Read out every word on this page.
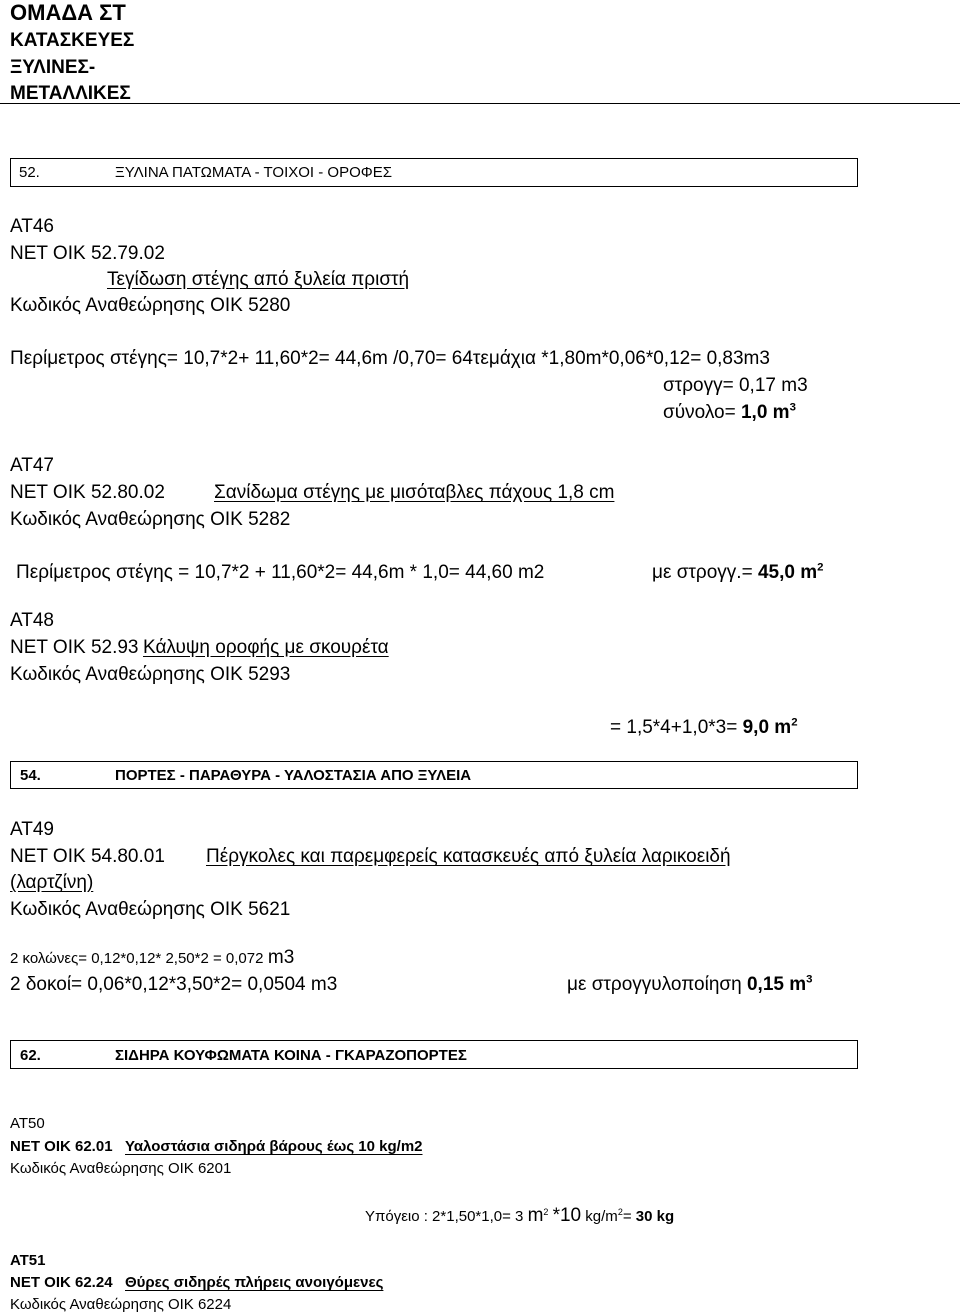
ΟΜΑΔΑ ΣΤ
ΚΑΤΑΣΚΕΥΕΣ
ΞΥΛΙΝΕΣ-
ΜΕΤΑΛΛΙΚΕΣ
52.	ΞΥΛΙΝΑ ΠΑΤΩΜΑΤΑ - ΤΟΙΧΟΙ - ΟΡΟΦΕΣ
ΑΤ46
ΝΕΤ ΟΙΚ 52.79.02
Τεγίδωση στέγης από ξυλεία πριστή
Κωδικός Αναθεώρησης ΟΙΚ 5280
Περίμετρος στέγης= 10,7*2+ 11,60*2= 44,6m /0,70= 64τεμάχια *1,80m*0,06*0,12= 0,83m3
στρογγ= 0,17 m3
σύνολο= 1,0 $m^3$
ΑΤ47
ΝΕΤ ΟΙΚ 52.80.02	Σανίδωμα στέγης με μισόταβλες πάχους 1,8 cm
Κωδικός Αναθεώρησης ΟΙΚ 5282
Περίμετρος στέγης = 10,7*2 + 11,60*2= 44,6m * 1,0= 44,60 m2	με στρογγ.= 45,0 $m^2$
ΑΤ48
ΝΕΤ ΟΙΚ 52.93 Κάλυψη οροφής με σκουρέτα
Κωδικός Αναθεώρησης ΟΙΚ 5293
= 1,5*4+1,0*3= 9,0 $m^2$
54.	ΠΟΡΤΕΣ - ΠΑΡΑΘΥΡΑ - ΥΑΛΟΣΤΑΣΙΑ ΑΠΟ ΞΥΛΕΙΑ
ΑΤ49
ΝΕΤ ΟΙΚ 54.80.01 Πέργκολες και παρεμφερείς κατασκευές από ξυλεία λαρικοειδή
(λαρτζίνη)
Κωδικός Αναθεώρησης ΟΙΚ 5621
2 κολώνες= 0,12*0,12* 2,50*2 = 0,072 m3
2 δοκοί= 0,06*0,12*3,50*2= 0,0504 m3	με στρογγυλοποίηση 0,15 $m^3$
62.	ΣΙΔΗΡΑ ΚΟΥΦΩΜΑΤΑ ΚΟΙΝΑ - ΓΚΑΡΑΖΟΠΟΡΤΕΣ
ΑΤ50
ΝΕΤ ΟΙΚ 62.01 Υαλοστάσια σιδηρά βάρους έως 10 kg/m2
Κωδικός Αναθεώρησης ΟΙΚ 6201
Υπόγειο : 2*1,50*1,0= 3 $m^2$ *10 $kg/m^2= 30$ kg
ΑΤ51
ΝΕΤ ΟΙΚ 62.24 Θύρες σιδηρές πλήρεις ανοιγόμενες
Κωδικός Αναθεώρησης ΟΙΚ 6224
